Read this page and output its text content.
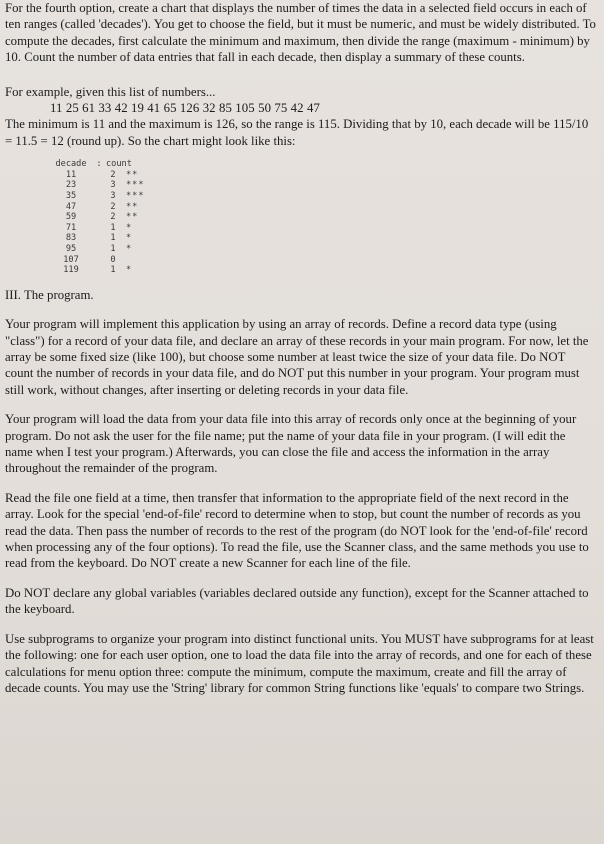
For the fourth option, create a chart that displays the number of times the data in a selected field occurs in each of ten ranges (called 'decades'). You get to choose the field, but it must be numeric, and must be widely distributed. To compute the decades, first calculate the minimum and maximum, then divide the range (maximum - minimum) by 10. Count the number of data entries that fall in each decade, then display a summary of these counts.

For example, given this list of numbers...

11 25 61 33 42 19 41 65 126 32 85 105 50 75 42 47

The minimum is 11 and the maximum is 126, so the range is 115. Dividing that by 10, each decade will be 115/10 = 11.5 = 12 (round up). So the chart might look like this:

decade	: count
11	2	**
23	3	***
35	3	***
47	2	**
59	2	**
71	1	*
83	1	*
95	1	*
107	0
119	1	*

III. The program.

Your program will implement this application by using an array of records. Define a record data type (using "class") for a record of your data file, and declare an array of these records in your main program. For now, let the array be some fixed size (like 100), but choose some number at least twice the size of your data file. Do NOT count the number of records in your data file, and do NOT put this number in your program. Your program must still work, without changes, after inserting or deleting records in your data file.

Your program will load the data from your data file into this array of records only once at the beginning of your program. Do not ask the user for the file name; put the name of your data file in your program. (I will edit the name when I test your program.) Afterwards, you can close the file and access the information in the array throughout the remainder of the program.

Read the file one field at a time, then transfer that information to the appropriate field of the next record in the array. Look for the special 'end-of-file' record to determine when to stop, but count the number of records as you read the data. Then pass the number of records to the rest of the program (do NOT look for the 'end-of-file' record when processing any of the four options). To read the file, use the Scanner class, and the same methods you use to read from the keyboard. Do NOT create a new Scanner for each line of the file.

Do NOT declare any global variables (variables declared outside any function), except for the Scanner attached to the keyboard.

Use subprograms to organize your program into distinct functional units. You MUST have subprograms for at least the following: one for each user option, one to load the data file into the array of records, and one for each of these calculations for menu option three: compute the minimum, compute the maximum, create and fill the array of decade counts. You may use the 'String' library for common String functions like 'equals' to compare two Strings.
